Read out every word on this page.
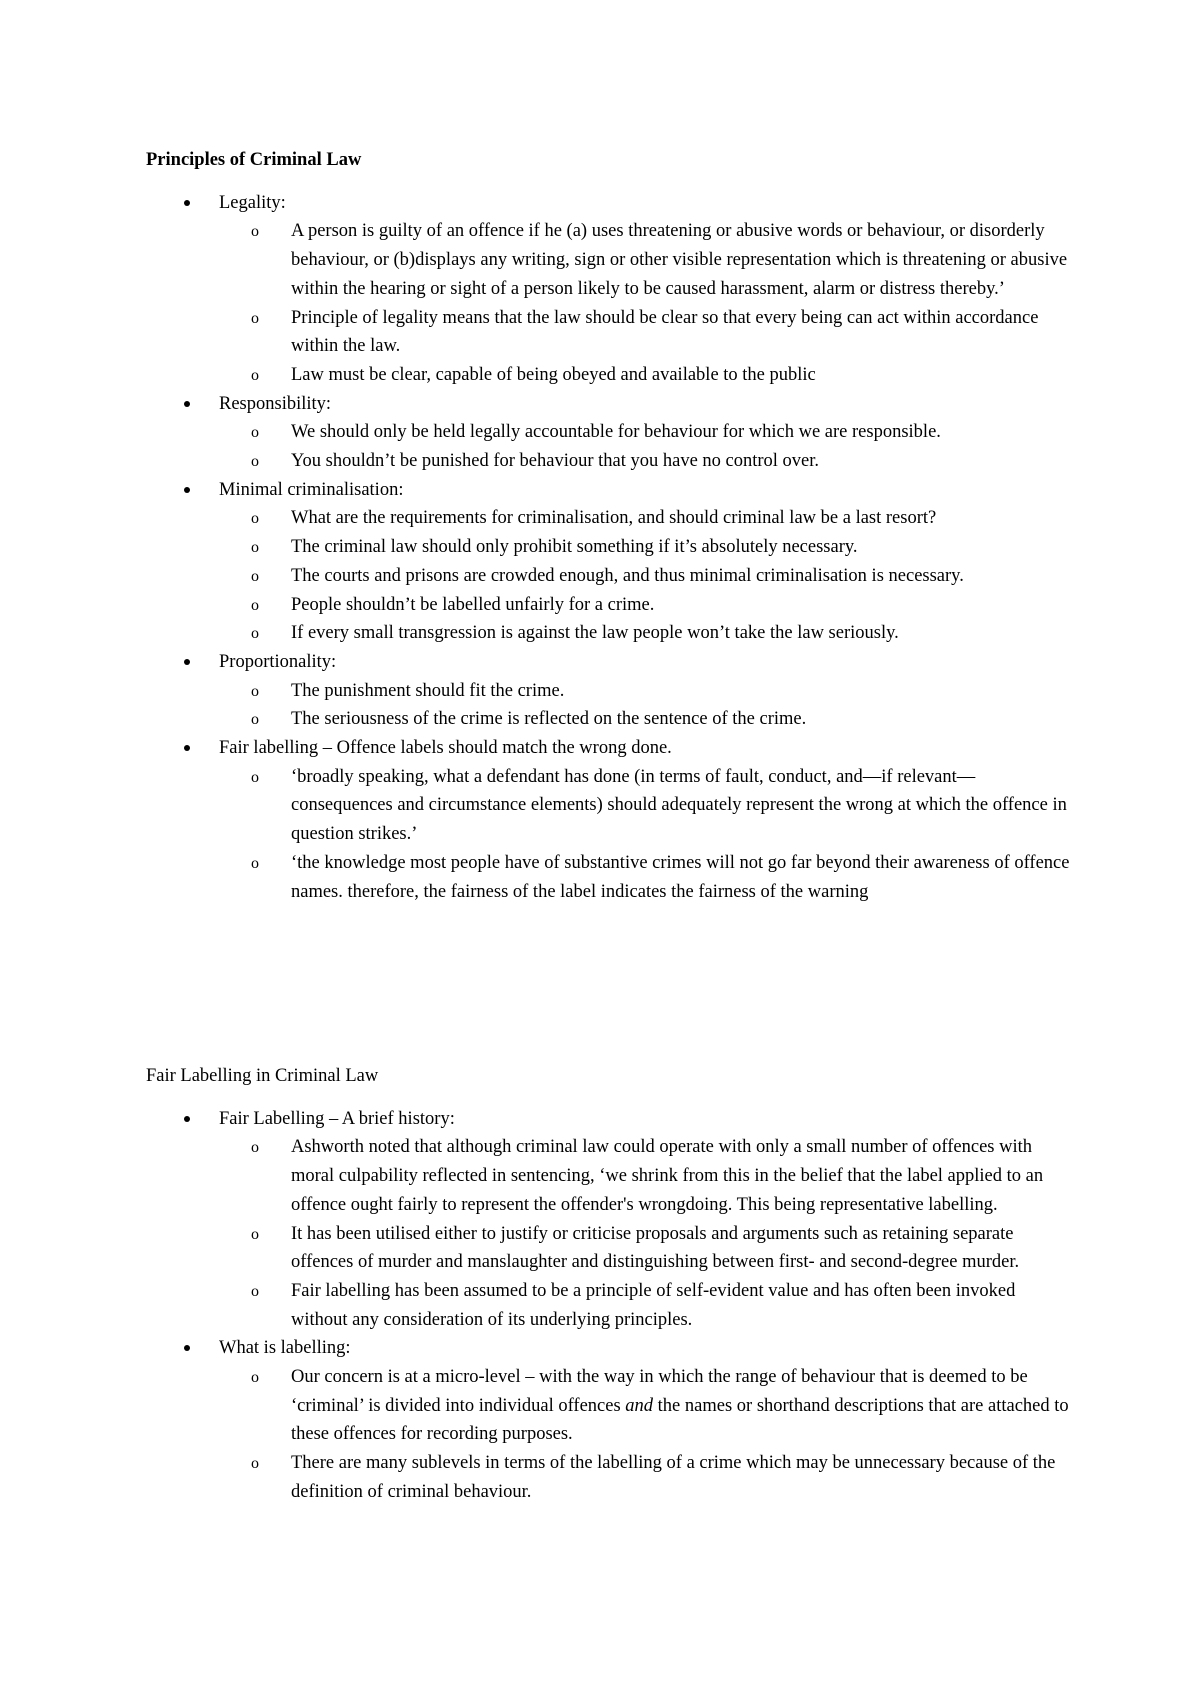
Principles of Criminal Law

Legality:
o A person is guilty of an offence if he (a) uses threatening or abusive words or behaviour, or disorderly behaviour, or (b)displays any writing, sign or other visible representation which is threatening or abusive within the hearing or sight of a person likely to be caused harassment, alarm or distress thereby.’
o Principle of legality means that the law should be clear so that every being can act within accordance within the law.
o Law must be clear, capable of being obeyed and available to the public
Responsibility:
o We should only be held legally accountable for behaviour for which we are responsible.
o You shouldn’t be punished for behaviour that you have no control over.
Minimal criminalisation:
o What are the requirements for criminalisation, and should criminal law be a last resort?
o The criminal law should only prohibit something if it’s absolutely necessary.
o The courts and prisons are crowded enough, and thus minimal criminalisation is necessary.
o People shouldn’t be labelled unfairly for a crime.
o If every small transgression is against the law people won’t take the law seriously.
Proportionality:
o The punishment should fit the crime.
o The seriousness of the crime is reflected on the sentence of the crime.
Fair labelling – Offence labels should match the wrong done.
o ‘broadly speaking, what a defendant has done (in terms of fault, conduct, and—if relevant—consequences and circumstance elements) should adequately represent the wrong at which the offence in question strikes.’
o ‘the knowledge most people have of substantive crimes will not go far beyond their awareness of offence names. therefore, the fairness of the label indicates the fairness of the warning

Fair Labelling in Criminal Law

Fair Labelling – A brief history:
o Ashworth noted that although criminal law could operate with only a small number of offences with moral culpability reflected in sentencing, ‘we shrink from this in the belief that the label applied to an offence ought fairly to represent the offender's wrongdoing. This being representative labelling.
o It has been utilised either to justify or criticise proposals and arguments such as retaining separate offences of murder and manslaughter and distinguishing between first- and second-degree murder.
o Fair labelling has been assumed to be a principle of self-evident value and has often been invoked without any consideration of its underlying principles.
What is labelling:
o Our concern is at a micro-level – with the way in which the range of behaviour that is deemed to be ‘criminal’ is divided into individual offences and the names or shorthand descriptions that are attached to these offences for recording purposes.
o There are many sublevels in terms of the labelling of a crime which may be unnecessary because of the definition of criminal behaviour.
